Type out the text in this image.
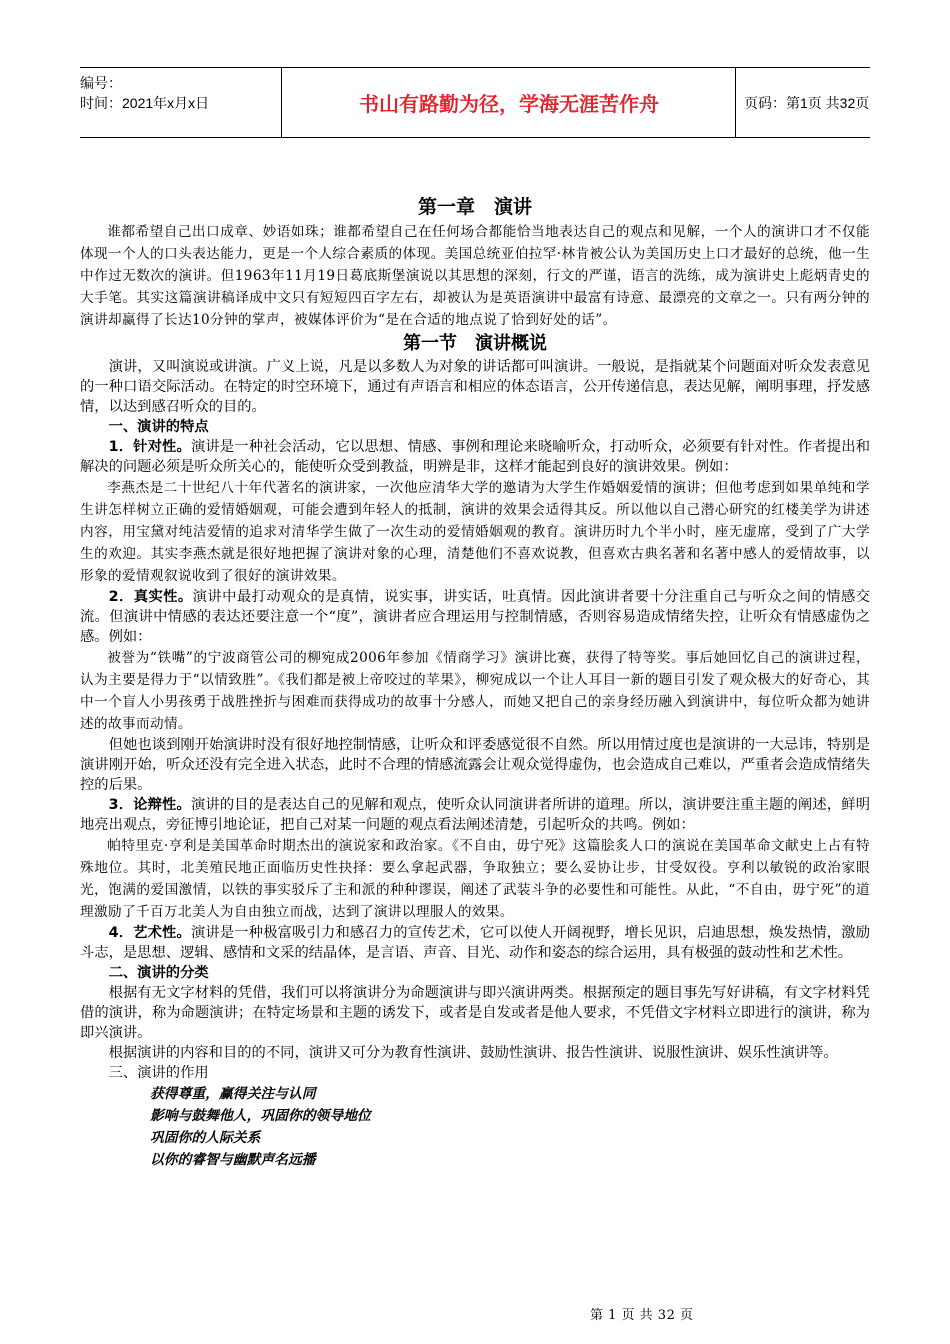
编号：
时间：2021年x月x日	书山有路勤为径，学海无涯苦作舟	页码：第1页 共32页
第一章　演讲

谁都希望自己出口成章、妙语如珠；谁都希望自己在任何场合都能恰当地表达自己的观点和见解，一个人的演讲口才不仅能体现一个人的口头表达能力，更是一个人综合素质的体现。美国总统亚伯拉罕·林肯被公认为美国历史上口才最好的总统，他一生中作过无数次的演讲。但1963年11月19日葛底斯堡演说以其思想的深刻，行文的严谨，语言的洗练，成为演讲史上彪炳青史的大手笔。其实这篇演讲稿译成中文只有短短四百字左右，却被认为是英语演讲中最富有诗意、最漂亮的文章之一。只有两分钟的演讲却赢得了长达10分钟的掌声，被媒体评价为“是在合适的地点说了恰到好处的话”。

第一节　演讲概说

演讲，又叫演说或讲演。广义上说，凡是以多数人为对象的讲话都可叫演讲。一般说，是指就某个问题面对听众发表意见的一种口语交际活动。在特定的时空环境下，通过有声语言和相应的体态语言，公开传递信息，表达见解，阐明事理，抒发感情，以达到感召听众的目的。

一、演讲的特点

1．针对性。演讲是一种社会活动，它以思想、情感、事例和理论来晓喻听众，打动听众，必须要有针对性。作者提出和解决的问题必须是听众所关心的，能使听众受到教益，明辨是非，这样才能起到良好的演讲效果。例如：

李燕杰是二十世纪八十年代著名的演讲家，一次他应清华大学的邀请为大学生作婚姻爱情的演讲；但他考虑到如果单纯和学生讲怎样树立正确的爱情婚姻观，可能会遭到年轻人的抵制，演讲的效果会适得其反。所以他以自己潜心研究的红楼美学为讲述内容，用宝黛对纯洁爱情的追求对清华学生做了一次生动的爱情婚姻观的教育。演讲历时九个半小时，座无虚席，受到了广大学生的欢迎。其实李燕杰就是很好地把握了演讲对象的心理，清楚他们不喜欢说教，但喜欢古典名著和名著中感人的爱情故事，以形象的爱情观叙说收到了很好的演讲效果。

2．真实性。演讲中最打动观众的是真情，说实事，讲实话，吐真情。因此演讲者要十分注重自己与听众之间的情感交流。但演讲中情感的表达还要注意一个“度”，演讲者应合理运用与控制情感，否则容易造成情绪失控，让听众有情感虚伪之感。例如：

被誉为“铁嘴”的宁波商管公司的柳宛成2006年参加《情商学习》演讲比赛，获得了特等奖。事后她回忆自己的演讲过程，认为主要是得力于“以情致胜”。《我们都是被上帝咬过的苹果》，柳宛成以一个让人耳目一新的题目引发了观众极大的好奇心，其中一个盲人小男孩勇于战胜挫折与困难而获得成功的故事十分感人，而她又把自己的亲身经历融入到演讲中，每位听众都为她讲述的故事而动情。

但她也谈到刚开始演讲时没有很好地控制情感，让听众和评委感觉很不自然。所以用情过度也是演讲的一大忌讳，特别是演讲刚开始，听众还没有完全进入状态，此时不合理的情感流露会让观众觉得虚伪，也会造成自己难以，严重者会造成情绪失控的后果。

3．论辩性。演讲的目的是表达自己的见解和观点，使听众认同演讲者所讲的道理。所以，演讲要注重主题的阐述，鲜明地亮出观点，旁征博引地论证，把自己对某一问题的观点看法阐述清楚，引起听众的共鸣。例如：

帕特里克·亨利是美国革命时期杰出的演说家和政治家。《不自由，毋宁死》这篇脍炙人口的演说在美国革命文献史上占有特殊地位。其时，北美殖民地正面临历史性抉择：要么拿起武器，争取独立；要么妥协让步，甘受奴役。亨利以敏锐的政治家眼光，饱满的爱国激情，以铁的事实驳斥了主和派的种种谬误，阐述了武装斗争的必要性和可能性。从此，“不自由，毋宁死”的道理激励了千百万北美人为自由独立而战，达到了演讲以理服人的效果。

4．艺术性。演讲是一种极富吸引力和感召力的宣传艺术，它可以使人开阔视野，增长见识，启迪思想，焕发热情，激励斗志，是思想、逻辑、感情和文采的结晶体，是言语、声音、目光、动作和姿态的综合运用，具有极强的鼓动性和艺术性。

二、演讲的分类

根据有无文字材料的凭借，我们可以将演讲分为命题演讲与即兴演讲两类。根据预定的题目事先写好讲稿，有文字材料凭借的演讲，称为命题演讲；在特定场景和主题的诱发下，或者是自发或者是他人要求，不凭借文字材料立即进行的演讲，称为即兴演讲。

根据演讲的内容和目的的不同，演讲又可分为教育性演讲、鼓励性演讲、报告性演讲、说服性演讲、娱乐性演讲等。

三、演讲的作用
获得尊重，赢得关注与认同
影响与鼓舞他人，巩固你的领导地位
巩固你的人际关系
以你的睿智与幽默声名远播
第 1 页 共 32 页
